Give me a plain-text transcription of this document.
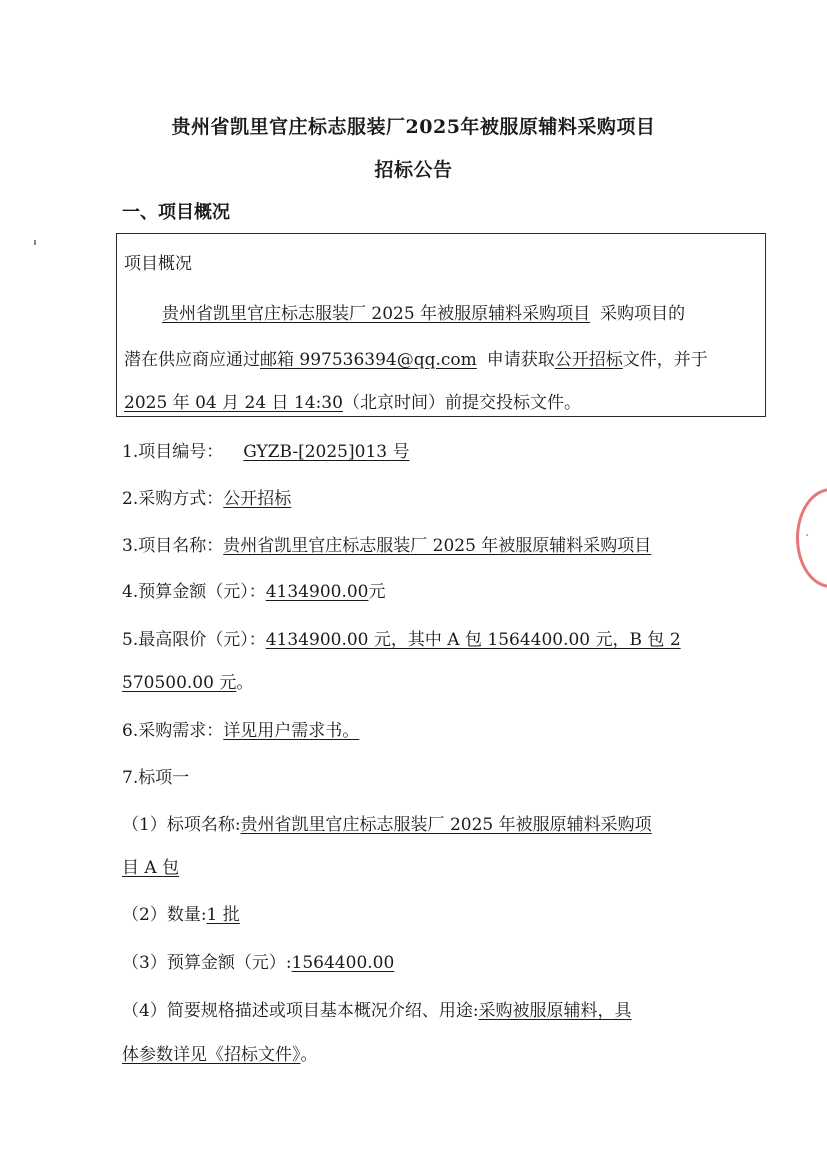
贵州省凯里官庄标志服装厂2025年被服原辅料采购项目
招标公告
一、项目概况
项目概况
贵州省凯里官庄标志服装厂 2025 年被服原辅料采购项目 采购项目的
潜在供应商应通过邮箱 997536394@qq.com 申请获取公开招标文件，并于
2025 年 04 月 24 日 14:30（北京时间）前提交投标文件。
1.项目编号： GYZB-[2025]013 号
2.采购方式：公开招标
3.项目名称：贵州省凯里官庄标志服装厂 2025 年被服原辅料采购项目
4.预算金额（元）：4134900.00元
5.最高限价（元）：4134900.00 元，其中 A 包 1564400.00 元，B 包 2
570500.00 元。
6.采购需求：详见用户需求书。
7.标项一
（1）标项名称:贵州省凯里官庄标志服装厂 2025 年被服原辅料采购项
目 A 包
（2）数量:1 批
（3）预算金额（元）:1564400.00
（4）简要规格描述或项目基本概况介绍、用途:采购被服原辅料，具
体参数详见《招标文件》。
·
